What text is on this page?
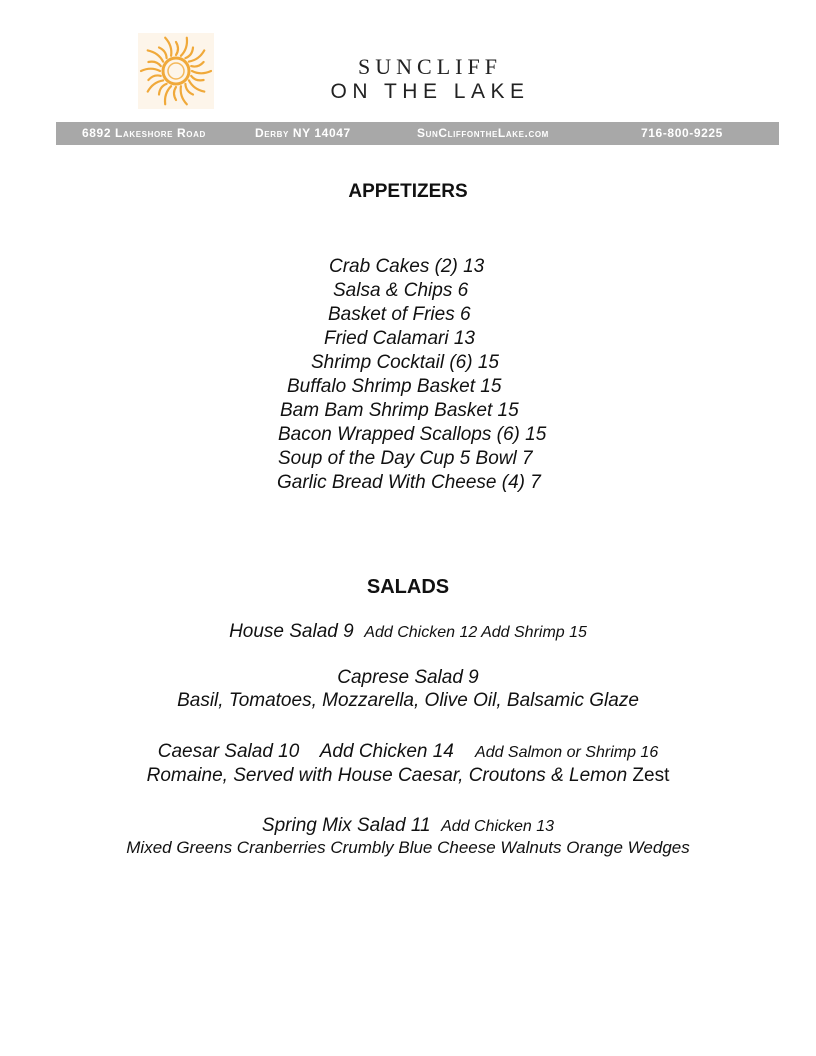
SUNCLIFF
ON THE LAKE
6892 Lakeshore Road	Derby NY 14047	SunCliffontheLake.com	716-800-9225
APPETIZERS
Crab Cakes (2) 13
Salsa & Chips 6
Basket of Fries 6
Fried Calamari 13
Shrimp Cocktail (6) 15
Buffalo Shrimp Basket 15
Bam Bam Shrimp Basket 15
Bacon Wrapped Scallops (6) 15
Soup of the Day Cup 5 Bowl 7
Garlic Bread With Cheese (4) 7
SALADS
House Salad 9 Add Chicken 12 Add Shrimp 15
Caprese Salad 9
Basil, Tomatoes, Mozzarella, Olive Oil, Balsamic Glaze
Caesar Salad 10 Add Chicken 14 Add Salmon or Shrimp 16
Romaine, Served with House Caesar, Croutons & Lemon Zest
Spring Mix Salad 11 Add Chicken 13
Mixed Greens Cranberries Crumbly Blue Cheese Walnuts Orange Wedges
